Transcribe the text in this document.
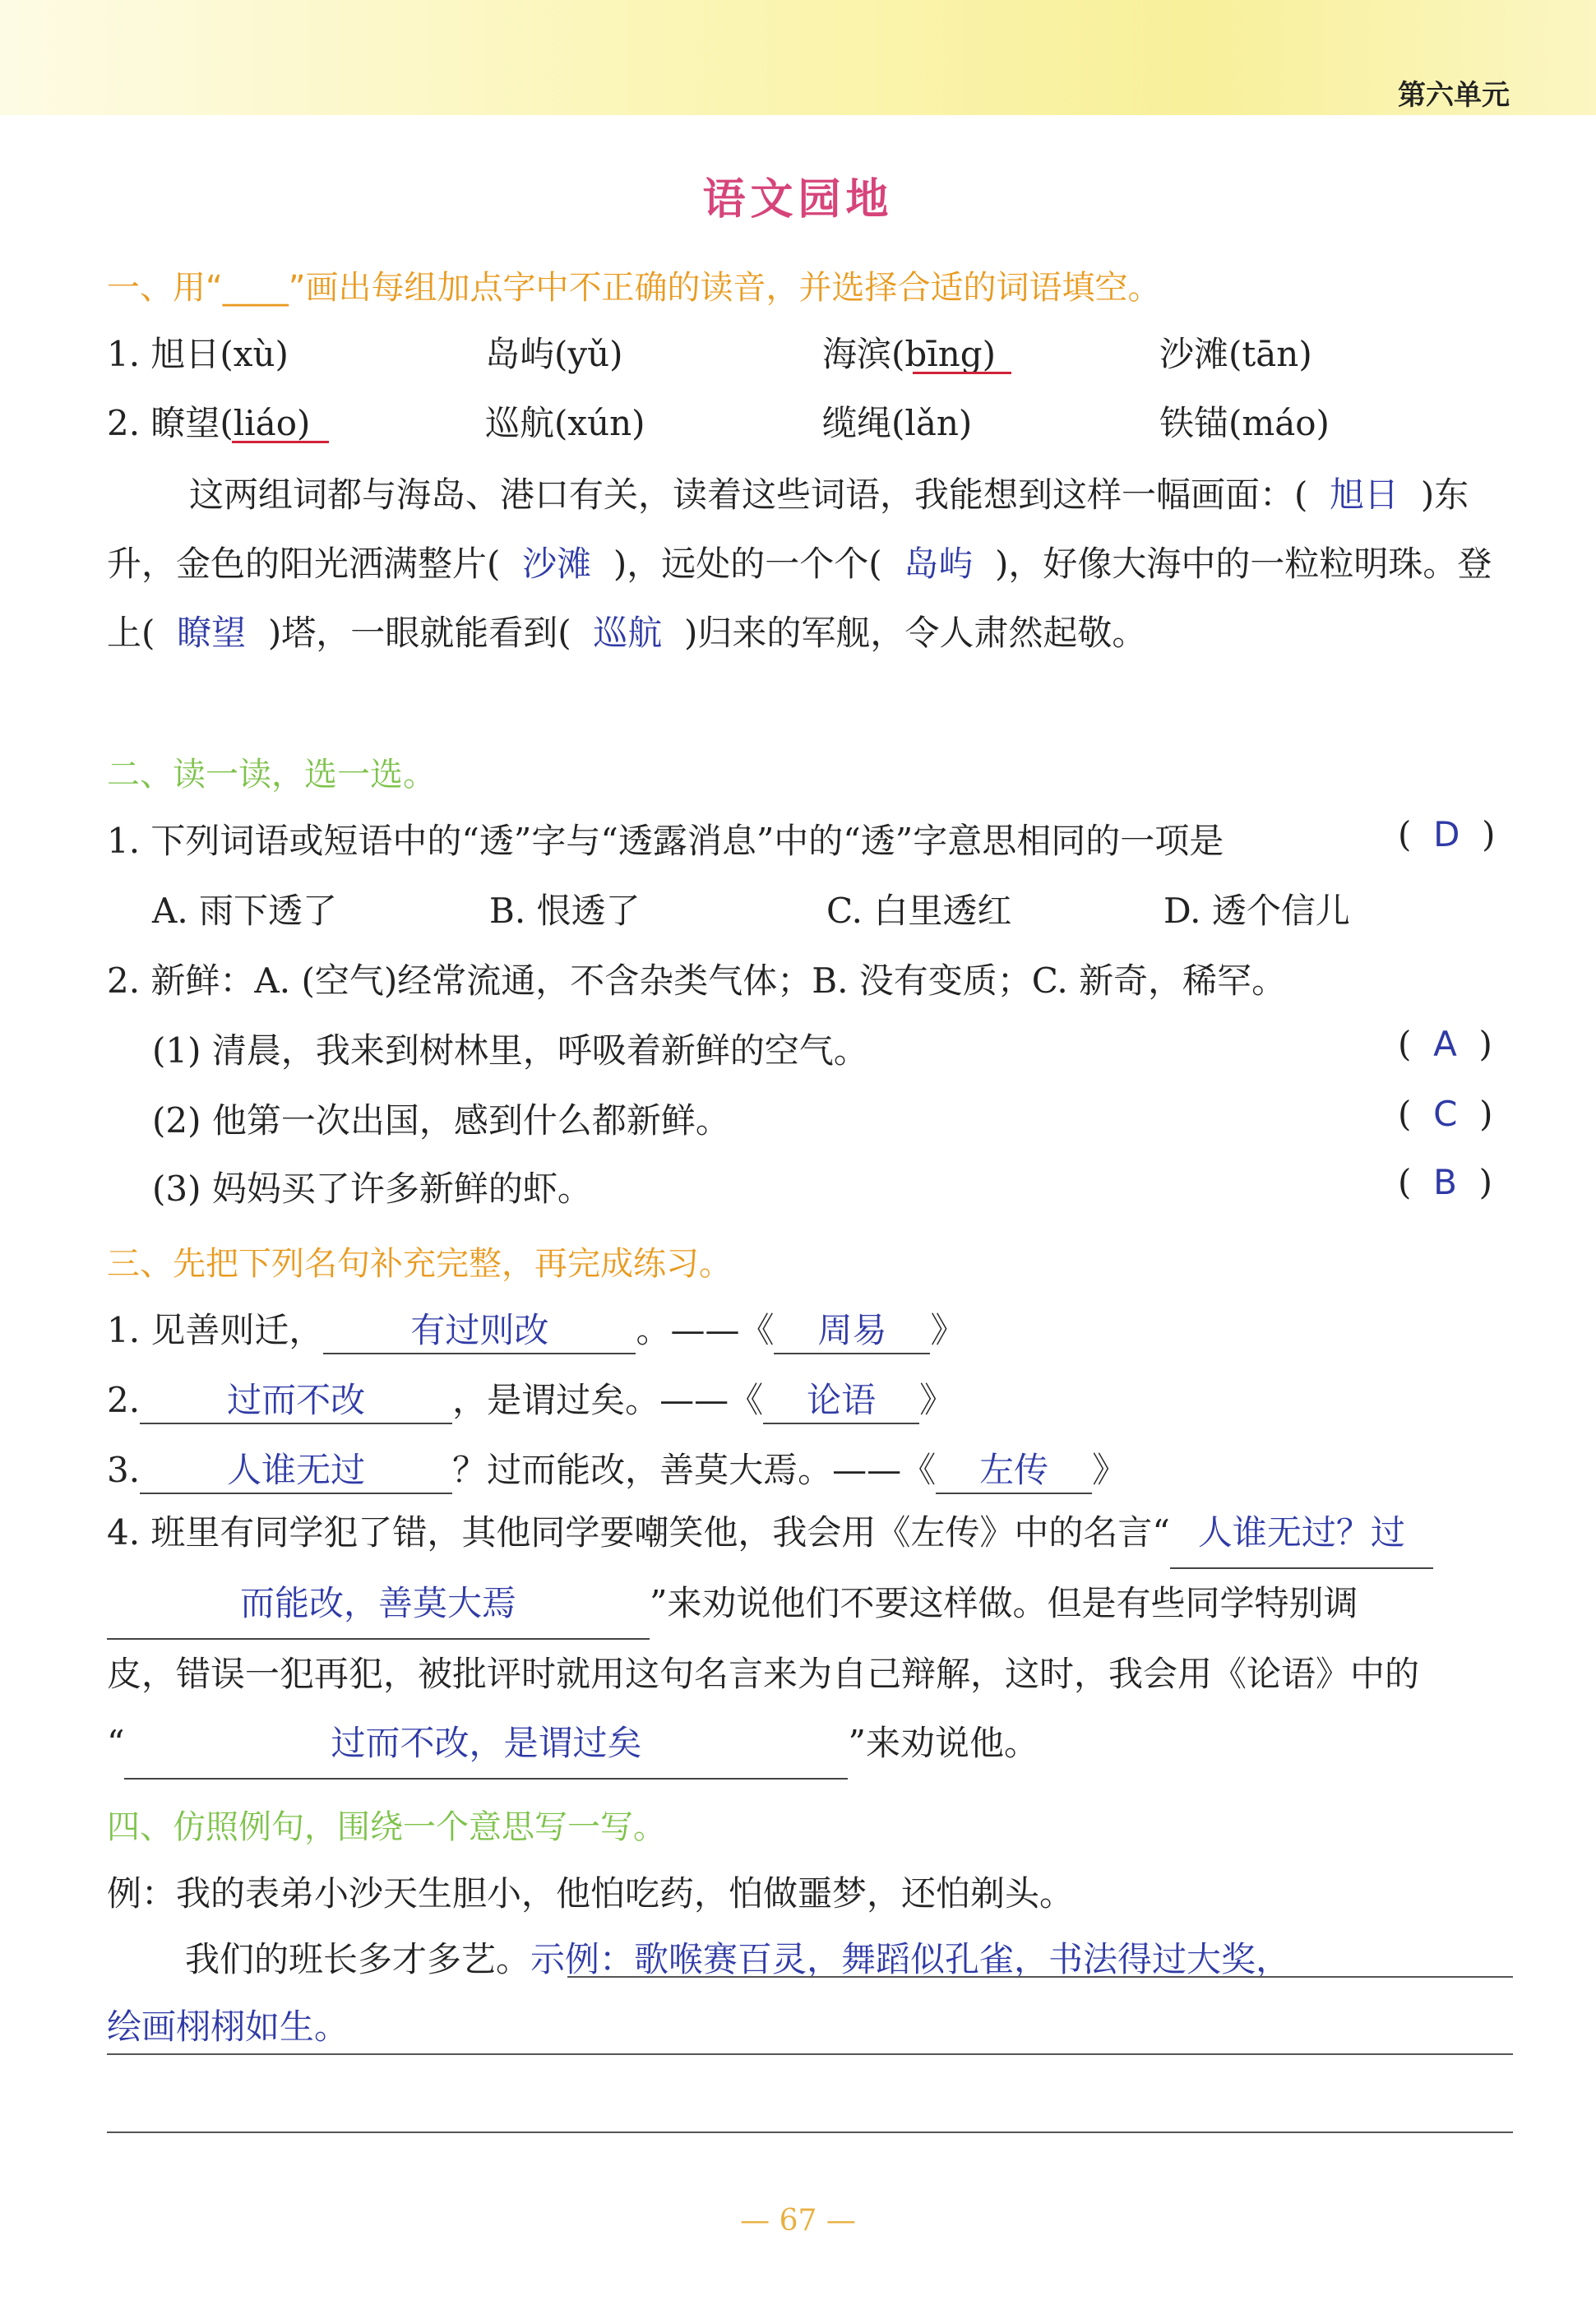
第六单元
语文园地
一、用“____”画出每组加点字中不正确的读音，并选择合适的词语填空。
1. 旭日(xù)	岛屿(yǔ)	海滨(bīng)	沙滩(tān)
2. 瞭望(liáo)	巡航(xún)	缆绳(lǎn)	铁锚(máo)
这两组词都与海岛、港口有关，读着这些词语，我能想到这样一幅画面：(  旭日 )东升，金色的阳光洒满整片( 沙滩 )，远处的一个个( 岛屿 )，好像大海中的一粒粒明珠。登上( 瞭望 )塔，一眼就能看到( 巡航 )归来的军舰，令人肃然起敬。
二、读一读，选一选。
1. 下列词语或短语中的“透”字与“透露消息”中的“透”字意思相同的一项是	(  D  )
A. 雨下透了	B. 恨透了	C. 白里透红	D. 透个信儿
2. 新鲜：A. (空气)经常流通，不含杂类气体；B. 没有变质；C. 新奇，稀罕。
(1) 清晨，我来到树林里，呼吸着新鲜的空气。	(  A  )
(2) 他第一次出国，感到什么都新鲜。	(  C  )
(3) 妈妈买了许多新鲜的虾。	(  B  )
三、先把下列名句补充完整，再完成练习。
1. 见善则迁，	有过则改	。——《 周易 》
2.	过而不改	，是谓过矣。——《 论语 》
3.	人谁无过	？过而能改，善莫大焉。——《 左传 》
4. 班里有同学犯了错，其他同学要嘲笑他，我会用《左传》中的名言“ 人谁无过？过
而能改，善莫大焉	”来劝说他们不要这样做。但是有些同学特别调
皮，错误一犯再犯，被批评时就用这句名言来为自己辩解，这时，我会用《论语》中的
“	过而不改，是谓过矣	”来劝说他。
四、仿照例句，围绕一个意思写一写。
例：我的表弟小沙天生胆小，他怕吃药，怕做噩梦，还怕剃头。
我们的班长多才多艺。示例：歌喉赛百灵，舞蹈似孔雀，书法得过大奖，
绘画栩栩如生。
— 67 —
